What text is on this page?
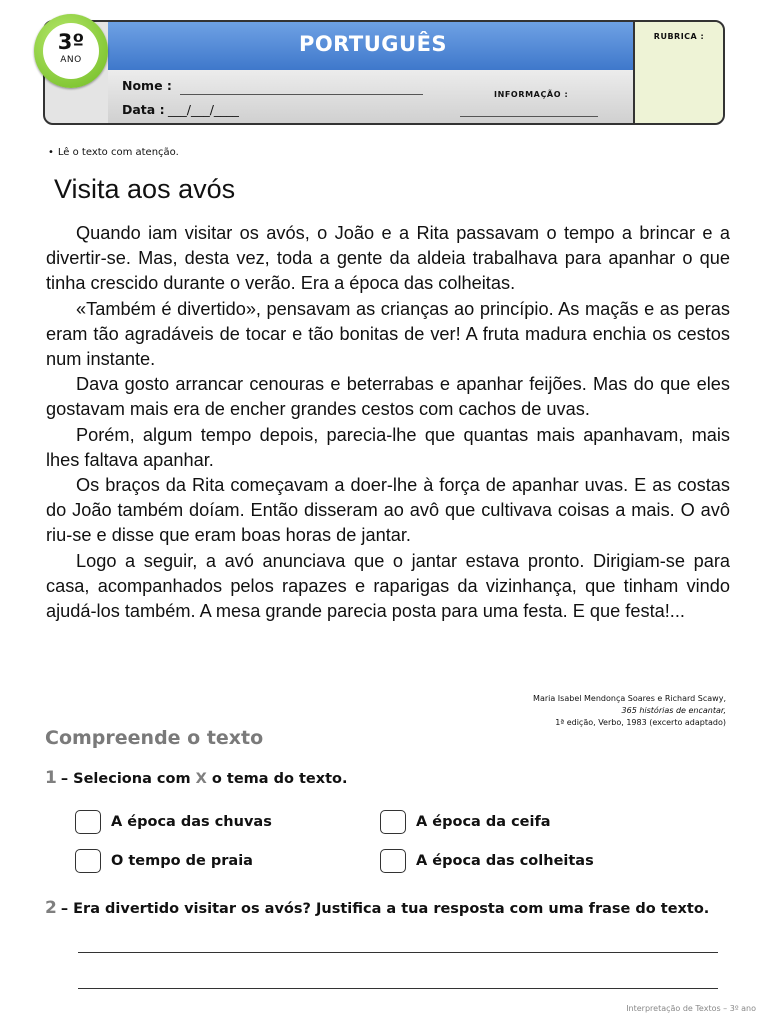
PORTUGUÊS
Nome :
Data : ___/___/____
INFORMAÇÃO :
RUBRICA :
3º
ANO
• Lê o texto com atenção.
Visita aos avós

Quando iam visitar os avós, o João e a Rita passavam o tempo a brincar e a divertir-se. Mas, desta vez, toda a gente da aldeia trabalhava para apanhar o que tinha crescido durante o verão. Era a época das colheitas.

«Também é divertido», pensavam as crianças ao princípio. As maçãs e as peras eram tão agradáveis de tocar e tão bonitas de ver! A fruta madura enchia os cestos num instante.

Dava gosto arrancar cenouras e beterrabas e apanhar feijões. Mas do que eles gostavam mais era de encher grandes cestos com cachos de uvas.

Porém, algum tempo depois, parecia-lhe que quantas mais apanhavam, mais lhes faltava apanhar.

Os braços da Rita começavam a doer-lhe à força de apanhar uvas. E as costas do João também doíam. Então disseram ao avô que cultivava coisas a mais. O avô riu-se e disse que eram boas horas de jantar.

Logo a seguir, a avó anunciava que o jantar estava pronto. Dirigiam-se para casa, acompanhados pelos rapazes e raparigas da vizinhança, que tinham vindo ajudá-los também. A mesa grande parecia posta para uma festa. E que festa!...

Maria Isabel Mendonça Soares e Richard Scawy,
365 histórias de encantar,
1ª edição, Verbo, 1983 (excerto adaptado)
Compreende o texto
1 – Seleciona com X o tema do texto.
A época das chuvas	A época da ceifa
O tempo de praia	A época das colheitas
2 – Era divertido visitar os avós? Justifica a tua resposta com uma frase do texto.
Interpretação de Textos – 3º ano
